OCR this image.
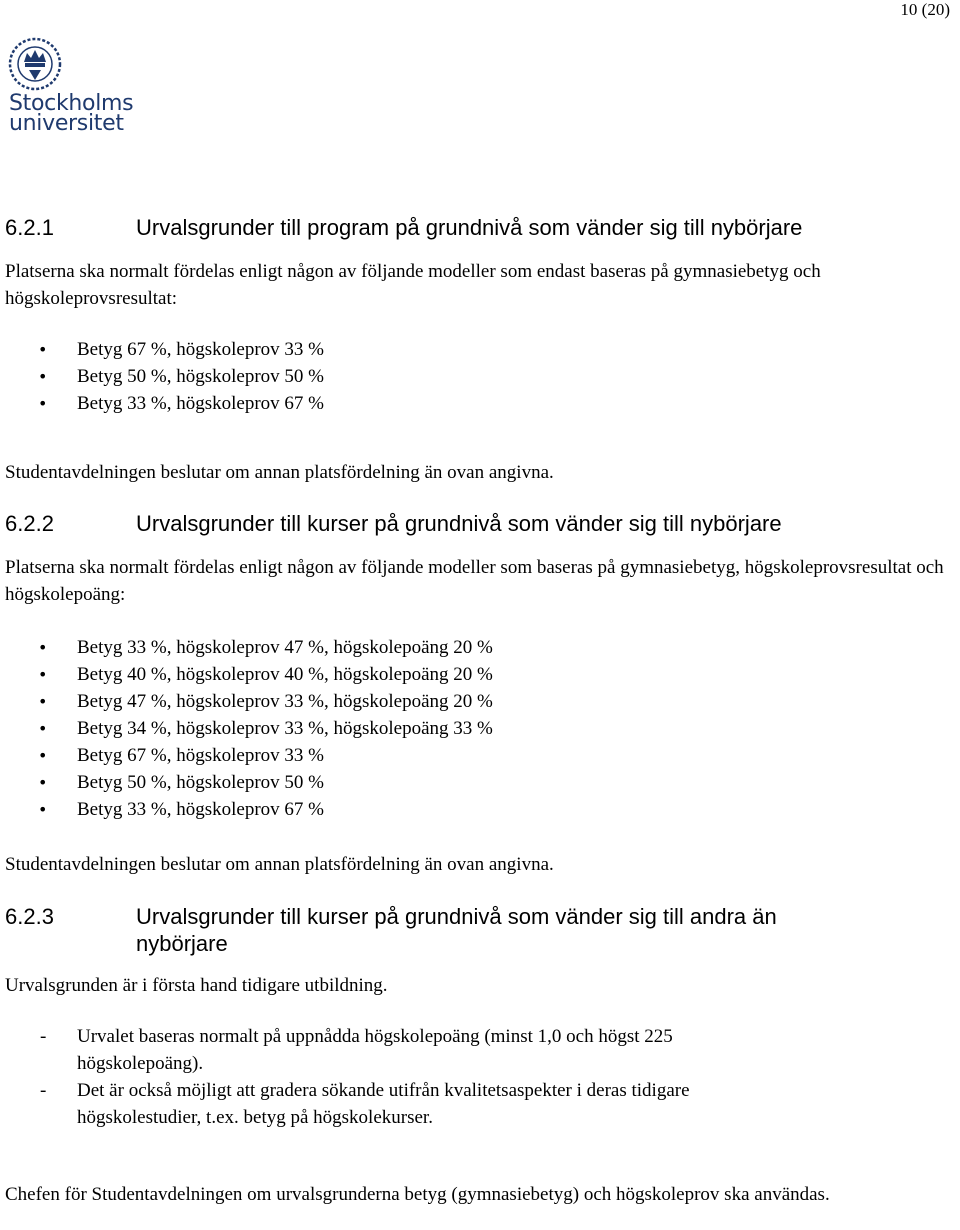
10 (20)
Stockholms
universitet
6.2.1	Urvalsgrunder till program på grundnivå som vänder sig till nybörjare
Platserna ska normalt fördelas enligt någon av följande modeller som endast baseras på gymnasiebetyg och högskoleprovsresultat:
• Betyg 67 %, högskoleprov 33 %
• Betyg 50 %, högskoleprov 50 %
• Betyg 33 %, högskoleprov 67 %
Studentavdelningen beslutar om annan platsfördelning än ovan angivna.
6.2.2	Urvalsgrunder till kurser på grundnivå som vänder sig till nybörjare
Platserna ska normalt fördelas enligt någon av följande modeller som baseras på gymnasiebetyg, högskoleprovsresultat och högskolepoäng:
• Betyg 33 %, högskoleprov 47 %, högskolepoäng 20 %
• Betyg 40 %, högskoleprov 40 %, högskolepoäng 20 %
• Betyg 47 %, högskoleprov 33 %, högskolepoäng 20 %
• Betyg 34 %, högskoleprov 33 %, högskolepoäng 33 %
• Betyg 67 %, högskoleprov 33 %
• Betyg 50 %, högskoleprov 50 %
• Betyg 33 %, högskoleprov 67 %
Studentavdelningen beslutar om annan platsfördelning än ovan angivna.
6.2.3	Urvalsgrunder till kurser på grundnivå som vänder sig till andra än nybörjare
Urvalsgrunden är i första hand tidigare utbildning.
- Urvalet baseras normalt på uppnådda högskolepoäng (minst 1,0 och högst 225 högskolepoäng).
- Det är också möjligt att gradera sökande utifrån kvalitetsaspekter i deras tidigare högskolestudier, t.ex. betyg på högskolekurser.
Chefen för Studentavdelningen om urvalsgrunderna betyg (gymnasiebetyg) och högskoleprov ska användas.
